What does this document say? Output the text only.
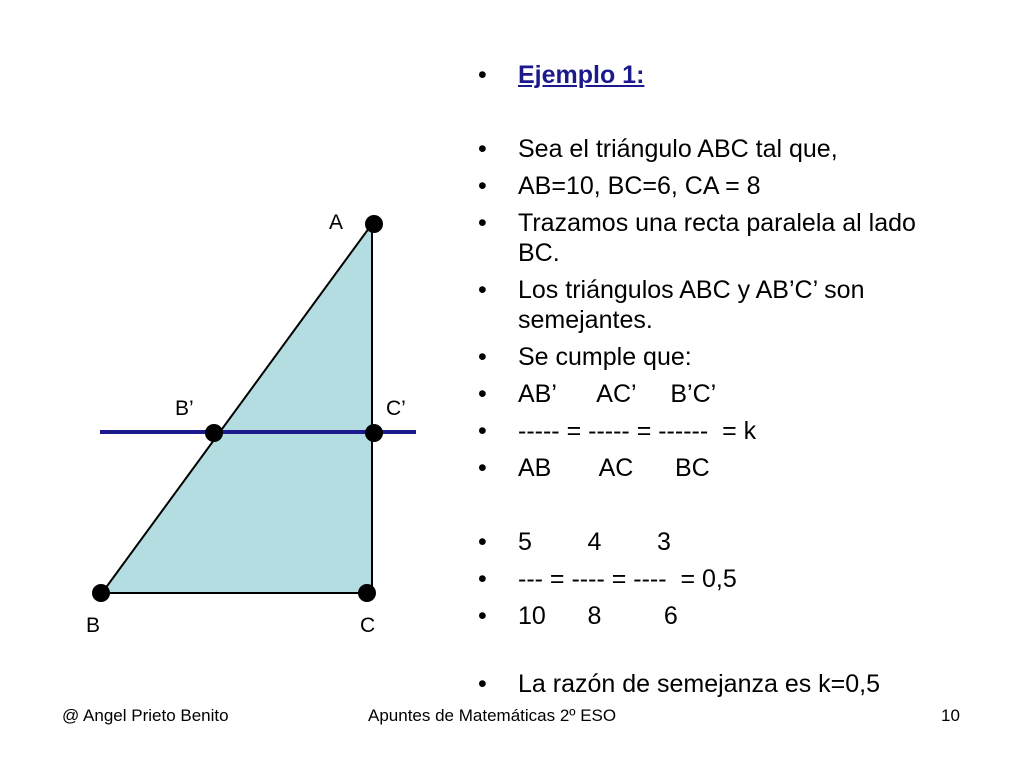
A
B’	C’
B	C
• Ejemplo 1:
• Sea el triángulo ABC tal que,
• AB=10, BC=6, CA = 8
• Trazamos una recta paralela al lado BC.
• Los triángulos ABC y AB’C’ son semejantes.
• Se cumple que:
• AB’      AC’     B’C’
• ----- = ----- = ------  = k
• AB       AC      BC
• 5        4        3
• --- = ---- = ----  = 0,5
• 10      8         6
• La razón de semejanza es k=0,5
@ Angel Prieto Benito	Apuntes de Matemáticas 2º ESO	10
